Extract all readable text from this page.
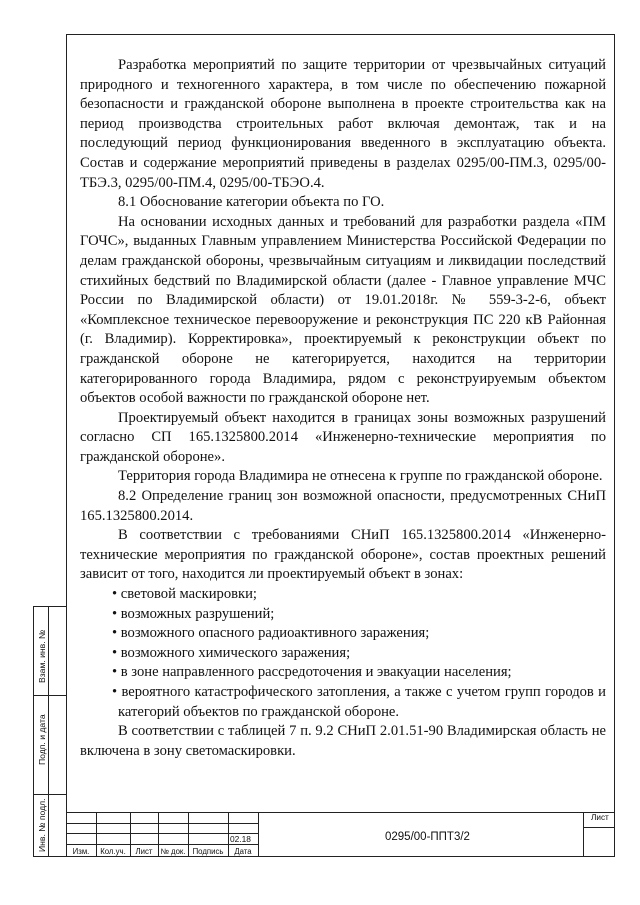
Разработка мероприятий по защите территории от чрезвычайных ситуаций природного и техногенного характера, в том числе по обеспечению пожарной безопасности и гражданской обороне выполнена в проекте строительства как на период производства строительных работ включая демонтаж, так и на последующий период функционирования введенного в эксплуатацию объекта. Состав и содержание мероприятий приведены в разделах 0295/00-ПМ.3, 0295/00-ТБЭ.3, 0295/00-ПМ.4, 0295/00-ТБЭО.4.

8.1 Обоснование категории объекта по ГО.

На основании исходных данных и требований для разработки раздела «ПМ ГОЧС», выданных Главным управлением Министерства Российской Федерации по делам гражданской обороны, чрезвычайным ситуациям и ликвидации последствий стихийных бедствий по Владимирской области (далее - Главное управление МЧС России по Владимирской области) от 19.01.2018г. № 559-3-2-6, объект «Комплексное техническое перевооружение и реконструкция ПС 220 кВ Районная (г. Владимир). Корректировка», проектируемый к реконструкции объект по гражданской обороне не категорируется, находится на территории категорированного города Владимира, рядом с реконструируемым объектом объектов особой важности по гражданской обороне нет.

Проектируемый объект находится в границах зоны возможных разрушений согласно СП 165.1325800.2014 «Инженерно-технические мероприятия по гражданской обороне».

Территория города Владимира не отнесена к группе по гражданской обороне.

8.2 Определение границ зон возможной опасности, предусмотренных СНиП 165.1325800.2014.

В соответствии с требованиями СНиП 165.1325800.2014 «Инженерно-технические мероприятия по гражданской обороне», состав проектных решений зависит от того, находится ли проектируемый объект в зонах:

• световой маскировки;

• возможных разрушений;

• возможного опасного радиоактивного заражения;

• возможного химического заражения;

• в зоне направленного рассредоточения и эвакуации населения;

• вероятного катастрофического затопления, а также с учетом групп городов и категорий объектов по гражданской обороне.

В соответствии с таблицей 7 п. 9.2 СНиП 2.01.51-90 Владимирская область не включена в зону светомаскировки.

Взам. инв. №
Подп. и дата
Инв. № подл.	Изм.	Кол.уч.	Лист	№ док. Подпись	Дата
02.18	0295/00-ППТ3/2
Лист
